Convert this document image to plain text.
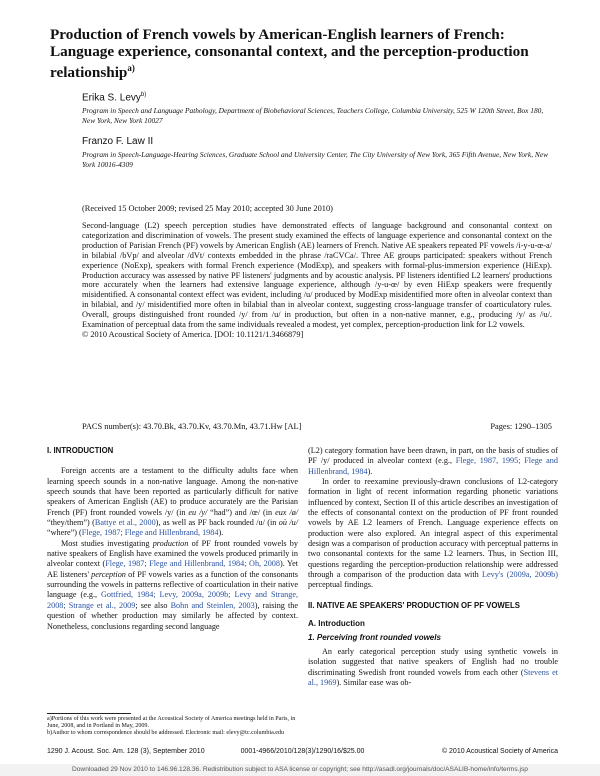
Production of French vowels by American-English learners of French: Language experience, consonantal context, and the perception-production relationship$^{a)}$
Erika S. Levy$^{b)}$
Program in Speech and Language Pathology, Department of Biobehavioral Sciences, Teachers College, Columbia University, 525 W 120th Street, Box 180, New York, New York 10027
Franzo F. Law II
Program in Speech-Language-Hearing Sciences, Graduate School and University Center, The City University of New York, 365 Fifth Avenue, New York, New York 10016-4309
(Received 15 October 2009; revised 25 May 2010; accepted 30 June 2010)

Second-language (L2) speech perception studies have demonstrated effects of language background and consonantal context on categorization and discrimination of vowels. The present study examined the effects of language experience and consonantal context on the production of Parisian French (PF) vowels by American English (AE) learners of French. Native AE speakers repeated PF vowels /i-y-u-œ-a/ in bilabial /bVp/ and alveolar /dVt/ contexts embedded in the phrase /raCVCa/. Three AE groups participated: speakers without French experience (NoExp), speakers with formal French experience (ModExp), and speakers with formal-plus-immersion experience (HiExp). Production accuracy was assessed by native PF listeners' judgments and by acoustic analysis. PF listeners identified L2 learners' productions more accurately when the learners had extensive language experience, although /y-u-œ/ by even HiExp speakers were frequently misidentified. A consonantal context effect was evident, including /u/ produced by ModExp misidentified more often in alveolar context than in bilabial, and /y/ misidentified more often in bilabial than in alveolar context, suggesting cross-language transfer of coarticulatory rules. Overall, groups distinguished front rounded /y/ from /u/ in production, but often in a non-native manner, e.g., producing /y/ as /ʲu/. Examination of perceptual data from the same individuals revealed a modest, yet complex, perception-production link for L2 vowels.
© 2010 Acoustical Society of America. [DOI: 10.1121/1.3466879]

PACS number(s): 43.70.Bk, 43.70.Kv, 43.70.Mn, 43.71.Hw [AL]	Pages: 1290–1305
I. INTRODUCTION

Foreign accents are a testament to the difficulty adults face when learning speech sounds in a non-native language. Among the non-native speech sounds that have been reported as particularly difficult for native speakers of American English (AE) to produce accurately are the Parisian French (PF) front rounded vowels /y/ (in eu /y/ “had”) and /œ/ (in eux /ø/ “they/them”) (Battye et al., 2000), as well as PF back rounded /u/ (in où /u/ “where”) (Flege, 1987; Flege and Hillenbrand, 1984).

Most studies investigating production of PF front rounded vowels by native speakers of English have examined the vowels produced primarily in alveolar context (Flege, 1987; Flege and Hillenbrand, 1984; Oh, 2008). Yet AE listeners' perception of PF vowels varies as a function of the consonants surrounding the vowels in patterns reflective of coarticulation in their native language (e.g., Gottfried, 1984; Levy, 2009a, 2009b; Levy and Strange, 2008; Strange et al., 2009; see also Bohn and Steinlen, 2003), raising the question of whether production may similarly be affected by context. Nonetheless, conclusions regarding second language

(L2) category formation have been drawn, in part, on the basis of studies of PF /y/ produced in alveolar context (e.g., Flege, 1987, 1995; Flege and Hillenbrand, 1984).

In order to reexamine previously-drawn conclusions of L2-category formation in light of recent information regarding phonetic variations influenced by context, Section II of this article describes an investigation of the effects of consonantal context on the production of PF front rounded vowels by AE L2 learners of French. Language experience effects on production were also explored. An integral aspect of this experimental design was a comparison of production accuracy with perceptual patterns in two consonantal contexts for the same L2 learners. Thus, in Section III, questions regarding the perception-production relationship were addressed through a comparison of the production data with Levy's (2009a, 2009b) perceptual findings.

II. NATIVE AE SPEAKERS' PRODUCTION OF PF VOWELS
A. Introduction
1. Perceiving front rounded vowels

An early categorical perception study using synthetic vowels in isolation suggested that native speakers of English had no trouble discriminating Swedish front rounded vowels from each other (Stevens et al., 1969). Similar ease was ob-

a)Portions of this work were presented at the Acoustical Society of America meetings held in Paris, in June, 2008, and in Portland in May, 2009.

b)Author to whom correspondence should be addressed. Electronic mail: elevy@tc.columbia.edu

1290 J. Acoust. Soc. Am. 128 (3), September 2010	0001-4966/2010/128(3)/1290/16/$25.00	© 2010 Acoustical Society of America
Downloaded 29 Nov 2010 to 146.96.128.36. Redistribution subject to ASA license or copyright; see http://asadl.org/journals/doc/ASALIB-home/info/terms.jsp
